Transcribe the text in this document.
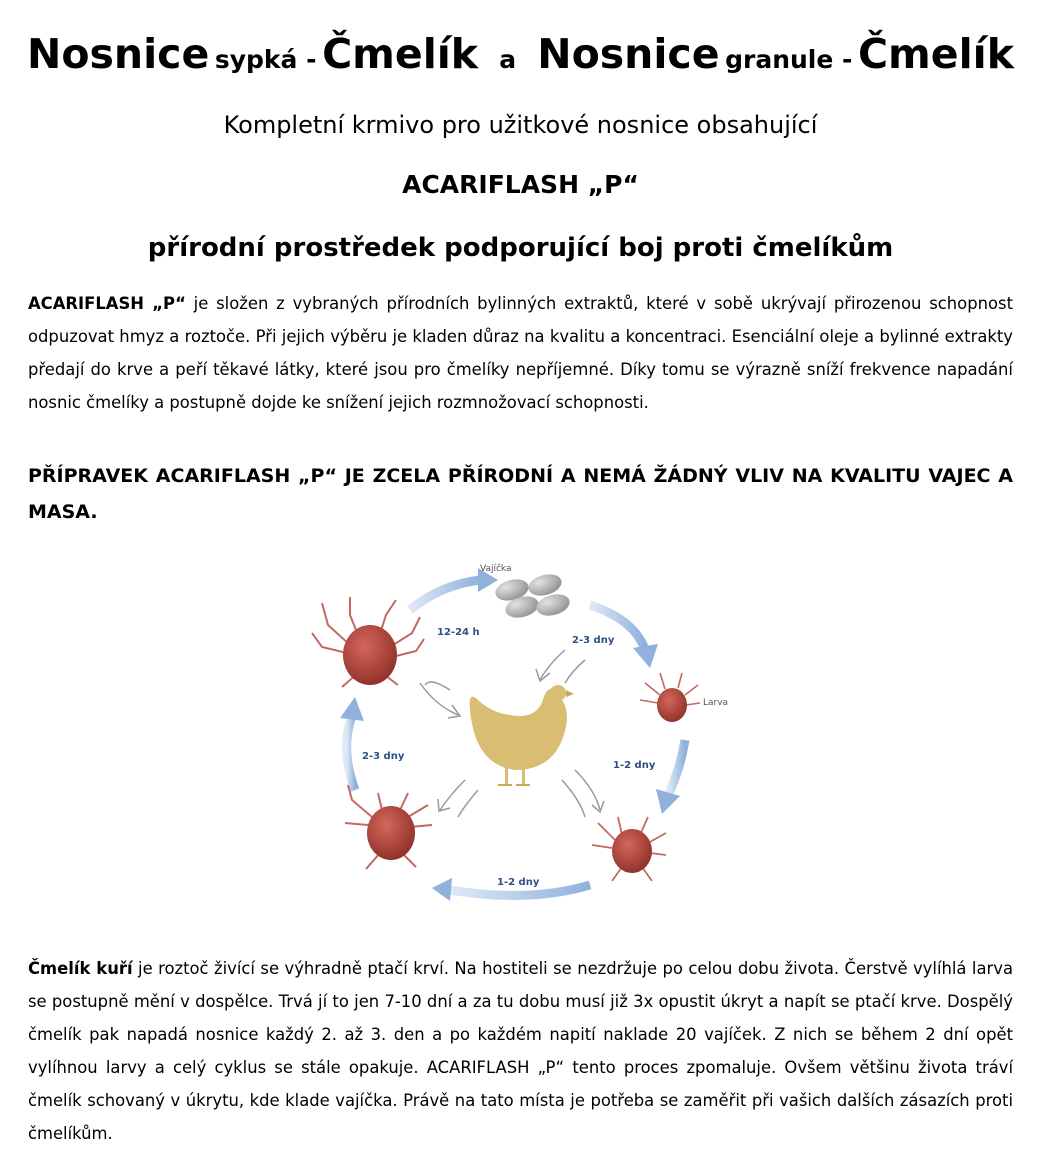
Nosnice sypká - Čmelík a Nosnice granule - Čmelík
Kompletní krmivo pro užitkové nosnice obsahující
ACARIFLASH „P“
přírodní prostředek podporující boj proti čmelíkům
ACARIFLASH „P“ je složen z vybraných přírodních bylinných extraktů, které v sobě ukrývají přirozenou schopnost odpuzovat hmyz a roztoče. Při jejich výběru je kladen důraz na kvalitu a koncentraci. Esenciální oleje a bylinné extrakty předají do krve a peří těkavé látky, které jsou pro čmelíky nepříjemné. Díky tomu se výrazně sníží frekvence napadání nosnic čmelíky a postupně dojde ke snížení jejich rozmnožovací schopnosti.
PŘÍPRAVEK ACARIFLASH „P“ JE ZCELA PŘÍRODNÍ A NEMÁ ŽÁDNÝ VLIV NA KVALITU VAJEC A MASA.
12-24 h
2-3 dny
1-2 dny
1-2 dny
2-3 dny
Vajíčka
Larva
Čmelík kuří je roztoč živící se výhradně ptačí krví. Na hostiteli se nezdržuje po celou dobu života. Čerstvě vylíhlá larva se postupně mění v dospělce. Trvá jí to jen 7-10 dní a za tu dobu musí již 3x opustit úkryt a napít se ptačí krve. Dospělý čmelík pak napadá nosnice každý 2. až 3. den a po každém napití naklade 20 vajíček. Z nich se během 2 dní opět vylíhnou larvy a celý cyklus se stále opakuje. ACARIFLASH „P“ tento proces zpomaluje. Ovšem většinu života tráví čmelík schovaný v úkrytu, kde klade vajíčka. Právě na tato místa je potřeba se zaměřit při vašich dalších zásazích proti čmelíkům.
